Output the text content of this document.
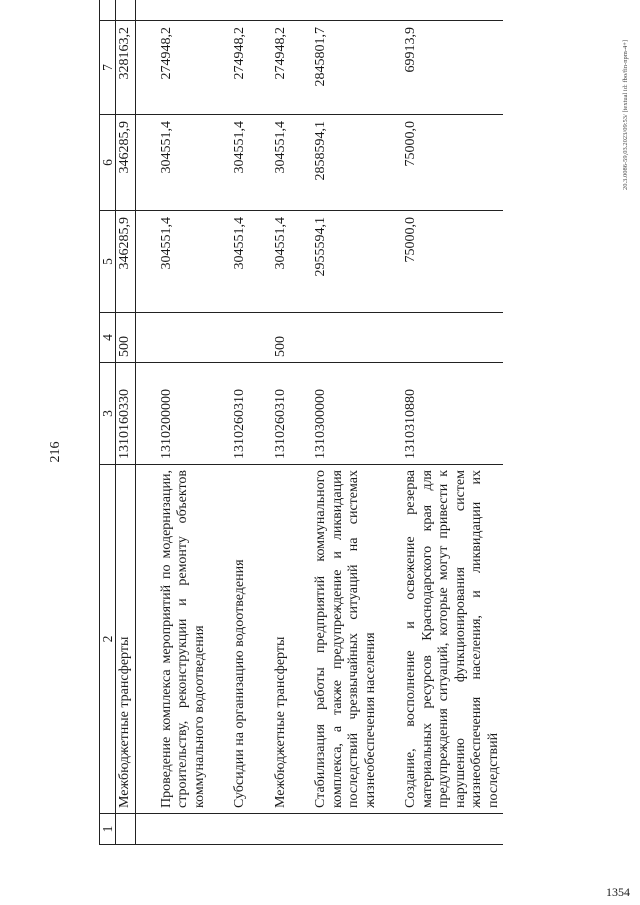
216
1354
20.3.0086-59,03.2023/09:53/ [textual id: fbo/fin-npm-4+]
1	2	3	4	5	6	7	
	Межбюджетные трансферты	1310160330	500	346285,9	346285,9	328163,2	

	Проведение комплекса мероприятий по модернизации, строительству, реконструкции и ремонту объектов коммунального водоотведения	1310200000		304551,4	304551,4	274948,2	

	Субсидии на организацию водоотведения	1310260310		304551,4	304551,4	274948,2	

	Межбюджетные трансферты	1310260310	500	304551,4	304551,4	274948,2	

	Стабилизация работы предприятий коммунального комплекса, а также предупреждение и ликвидация последствий чрезвычайных ситуаций на системах жизнеобеспечения населения	1310300000		2955594,1	2858594,1	2845801,7	

	Создание, восполнение и освежение резерва материальных ресурсов Краснодарского края для предупреждения ситуаций, которые могут привести к нарушению функционирования систем жизнеобеспечения населения, и ликвидации их последствий	1310310880		75000,0	75000,0	69913,9	
